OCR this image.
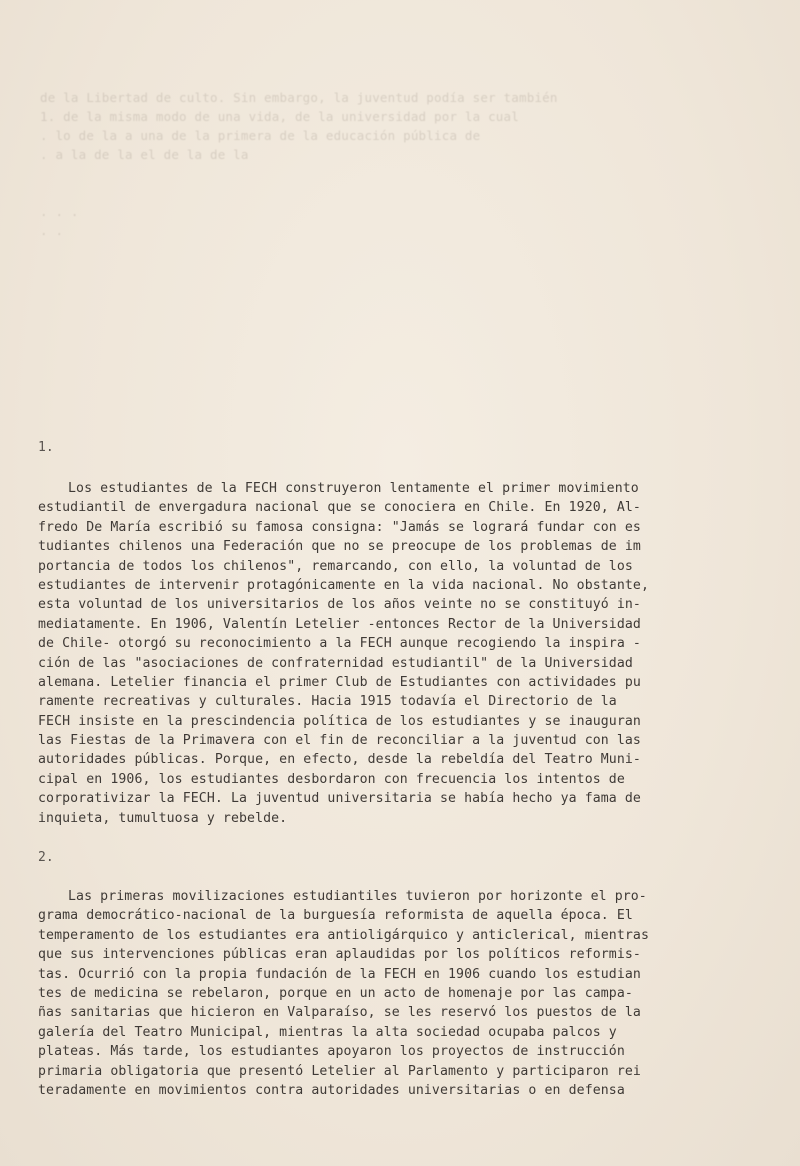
de la Libertad de culto. Sin embargo, la juventud podía ser también
1. de la misma modo de una vida, de la universidad por la cual
. lo de la a una de la primera de la educación pública de
. a la de la el de la de la
. . .
. .
1.
Los estudiantes de la FECH construyeron lentamente el primer movimiento
estudiantil de envergadura nacional que se conociera en Chile. En 1920, Al-
fredo De María escribió su famosa consigna: "Jamás se logrará fundar con es
tudiantes chilenos una Federación que no se preocupe de los problemas de im
portancia de todos los chilenos", remarcando, con ello, la voluntad de los
estudiantes de intervenir protagónicamente en la vida nacional. No obstante,
esta voluntad de los universitarios de los años veinte no se constituyó in-
mediatamente. En 1906, Valentín Letelier -entonces Rector de la Universidad
de Chile- otorgó su reconocimiento a la FECH aunque recogiendo la inspira -
ción de las "asociaciones de confraternidad estudiantil" de la Universidad
alemana. Letelier financia el primer Club de Estudiantes con actividades pu
ramente recreativas y culturales. Hacia 1915 todavía el Directorio de la
FECH insiste en la prescindencia política de los estudiantes y se inauguran
las Fiestas de la Primavera con el fin de reconciliar a la juventud con las
autoridades públicas. Porque, en efecto, desde la rebeldía del Teatro Muni-
cipal en 1906, los estudiantes desbordaron con frecuencia los intentos de
corporativizar la FECH. La juventud universitaria se había hecho ya fama de
inquieta, tumultuosa y rebelde.
2.
Las primeras movilizaciones estudiantiles tuvieron por horizonte el pro-
grama democrático-nacional de la burguesía reformista de aquella época. El
temperamento de los estudiantes era antioligárquico y anticlerical, mientras
que sus intervenciones públicas eran aplaudidas por los políticos reformis-
tas. Ocurrió con la propia fundación de la FECH en 1906 cuando los estudian
tes de medicina se rebelaron, porque en un acto de homenaje por las campa-
ñas sanitarias que hicieron en Valparaíso, se les reservó los puestos de la
galería del Teatro Municipal, mientras la alta sociedad ocupaba palcos y
plateas. Más tarde, los estudiantes apoyaron los proyectos de instrucción
primaria obligatoria que presentó Letelier al Parlamento y participaron rei
teradamente en movimientos contra autoridades universitarias o en defensa
